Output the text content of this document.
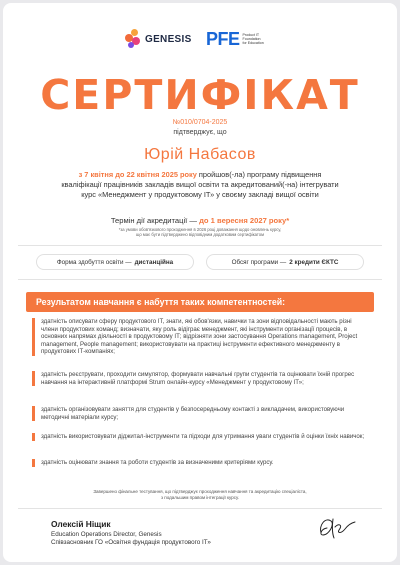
GENESIS PFE Product IT
Foundation
for Education
СЕРТИФІКАТ
№010/0704-2025
підтверджує, що
Юрій Набасов
з 7 квітня до 22 квітня 2025 року пройшов(-ла) програму підвищення
кваліфікації працівників закладів вищої освіти та акредитований(-на) інтегрувати
курс «Менеджмент у продуктовому ІТ» у своєму закладі вищої освіти
Термін дії акредитації — до 1 вересня 2027 року*
*за умови обов'язкового проходження в 2026 році доважання щодо оновлень курсу,
що має бути підтверджено відповідним додатковим сертифікатом
Форма здобуття освіти — дистанційна	Обсяг програми — 2 кредити ЄКТС
Результатом навчання є набуття таких компетентностей:
здатність описувати сферу продуктового ІТ, знати, які обов'язки, навички та зони відповідальності мають різні члени продуктових команд; визначати, яку роль відіграє менеджмент, які інструменти організації процесів, в основних напрямах діяльності в продуктовому ІТ; відрізняти зони застосування Operations management, Project management, People management; використовувати на практиці інструменти ефективного менеджменту в продуктових ІТ-компаніях;
здатність реєструвати, проходити симулятор, формувати навчальні групи студентів та оцінювати їхній прогрес навчання на інтерактивній платформі Strum онлайн-курсу «Менеджмент у продуктовому ІТ»;
здатність організовувати заняття для студентів у безпосередньому контакті з викладачем, використовуючи методичні матеріали курсу;
здатність використовувати діджитал-інструменти та підходи для утримання уваги студентів й оцінки їхніх навичок;
здатність оцінювати знання та роботи студентів за визначеними критеріями курсу.
Завершено фінальне тестування, що підтверджує проходження навчання та акредитацію спеціаліста,
з подальшим правом інтеграції курсу.
Олексій Ніщик
Education Operations Director, Genesis
Співзасновник ГО «Освітня фундація продуктового ІТ»
